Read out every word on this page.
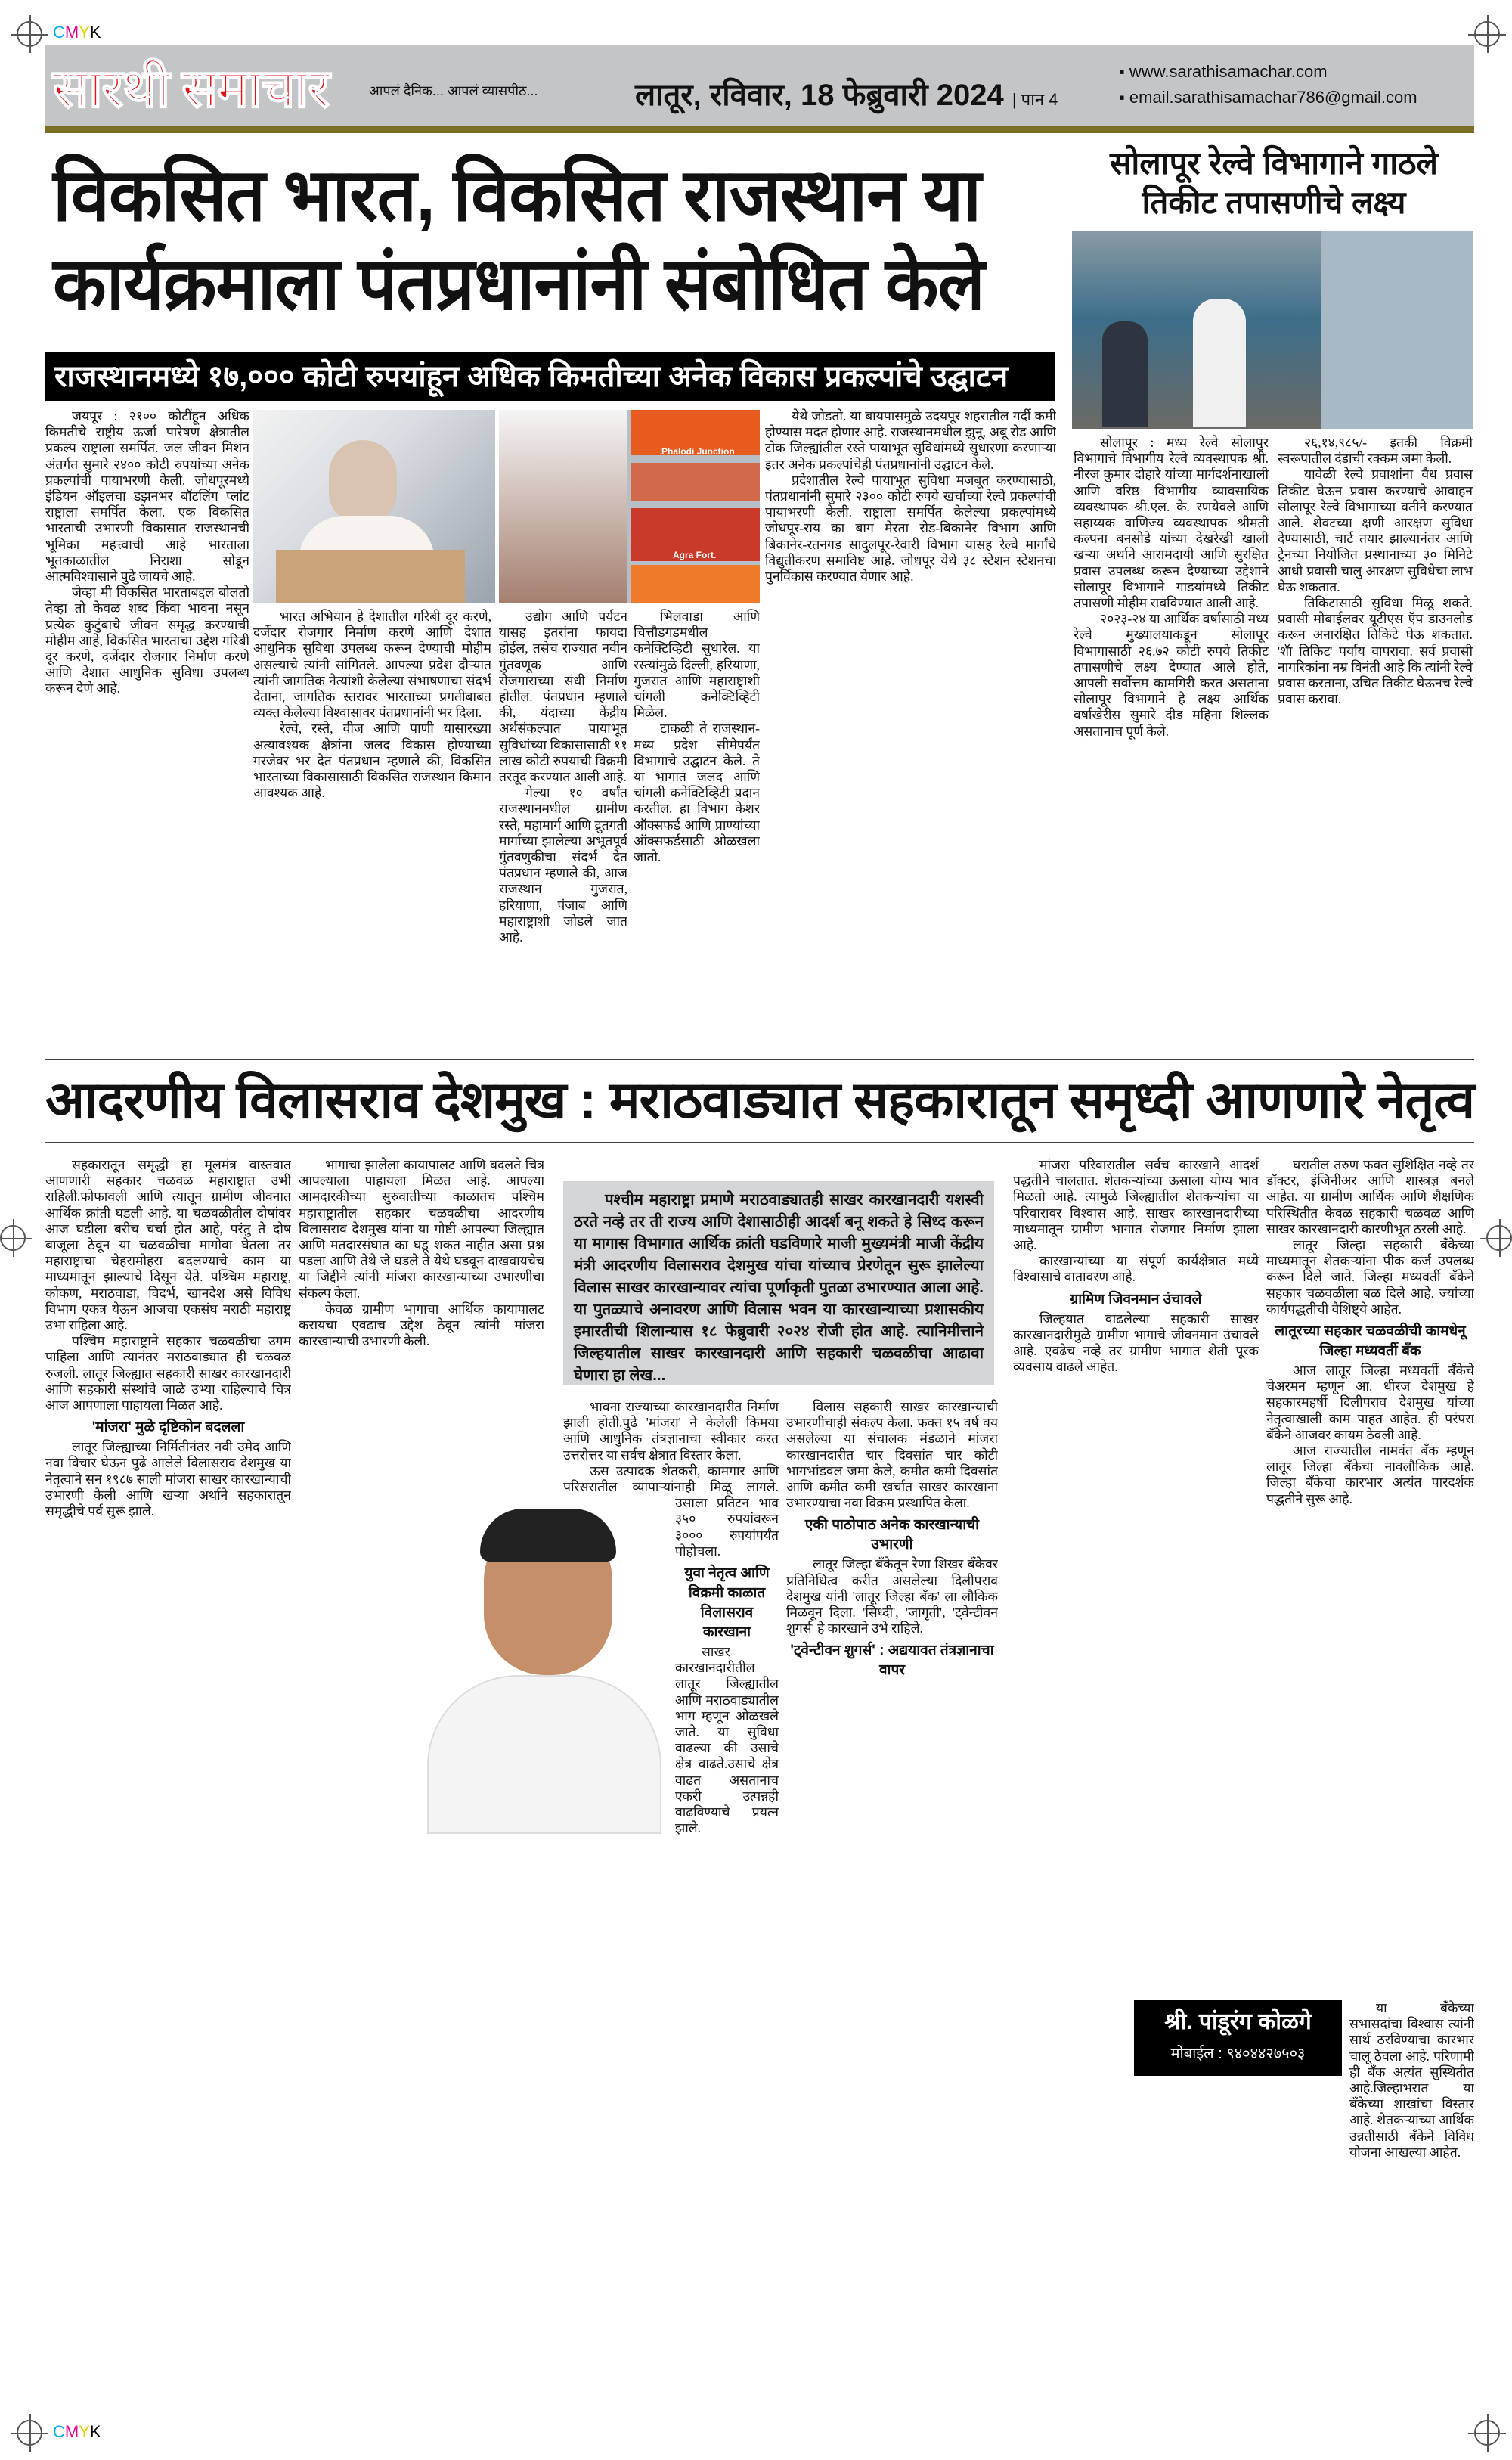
CMYK
सारथी समाचार	आपलं दैनिक... आपलं व्यासपीठ...	लातूर, रविवार, 18 फेब्रुवारी 2024 | पान 4
▪ www.sarathisamachar.com
▪ email.sarathisamachar786@gmail.com
विकसित भारत, विकसित राजस्थान या
कार्यक्रमाला पंतप्रधानांनी संबोधित केले
राजस्थानमध्ये १७,००० कोटी रुपयांहून अधिक किमतीच्या अनेक विकास प्रकल्पांचे उद्घाटन

जयपूर : २१०० कोटींहून अधिक किमतीचे राष्ट्रीय ऊर्जा पारेषण क्षेत्रातील प्रकल्प राष्ट्राला समर्पित. जल जीवन मिशन अंतर्गत सुमारे २४०० कोटी रुपयांच्या अनेक प्रकल्पांची पायाभरणी केली. जोधपूरमध्ये इंडियन ऑइलचा डझनभर बॉटलिंग प्लांट राष्ट्राला समर्पित केला. एक विकसित भारताची उभारणी विकासात राजस्थानची भूमिका महत्त्वाची आहे भारताला भूतकाळातील निराशा सोडून आत्मविश्वासाने पुढे जायचे आहे.

जेव्हा मी विकसित भारताबद्दल बोलतो तेव्हा तो केवळ शब्द किंवा भावना नसून प्रत्येक कुटुंबाचे जीवन समृद्ध करण्याची मोहीम आहे, विकसित भारताचा उद्देश गरिबी दूर करणे, दर्जेदार रोजगार निर्माण करणे आणि देशात आधुनिक सुविधा उपलब्ध करून देणे आहे.

Phalodi Junction
Agra Fort.

भारत अभियान हे देशातील गरिबी दूर करणे, दर्जेदार रोजगार निर्माण करणे आणि देशात आधुनिक सुविधा उपलब्ध करून देण्याची मोहीम असल्याचे त्यांनी सांगितले. आपल्या प्रदेश दौऱ्यात त्यांनी जागतिक नेत्यांशी केलेल्या संभाषणाचा संदर्भ देताना, जागतिक स्तरावर भारताच्या प्रगतीबाबत व्यक्त केलेल्या विश्वासावर पंतप्रधानांनी भर दिला.

रेल्वे, रस्ते, वीज आणि पाणी यासारख्या अत्यावश्यक क्षेत्रांना जलद विकास होण्याच्या गरजेवर भर देत पंतप्रधान म्हणाले की, विकसित भारताच्या विकासासाठी विकसित राजस्थान किमान आवश्यक आहे.

उद्योग आणि पर्यटन यासह इतरांना फायदा होईल, तसेच राज्यात नवीन गुंतवणूक आणि रोजगाराच्या संधी निर्माण होतील. पंतप्रधान म्हणाले की, यंदाच्या केंद्रीय अर्थसंकल्पात पायाभूत सुविधांच्या विकासासाठी ११ लाख कोटी रुपयांची विक्रमी तरतूद करण्यात आली आहे.

गेल्या १० वर्षांत राजस्थानमधील ग्रामीण रस्ते, महामार्ग आणि द्रुतगती मार्गाच्या झालेल्या अभूतपूर्व गुंतवणुकीचा संदर्भ देत पंतप्रधान म्हणाले की, आज राजस्थान गुजरात, हरियाणा, पंजाब आणि महाराष्ट्राशी जोडले जात आहे.

भिलवाडा आणि चित्तौडगडमधील कनेक्टिव्हिटी सुधारेल. या रस्त्यांमुळे दिल्ली, हरियाणा, गुजरात आणि महाराष्ट्राशी चांगली कनेक्टिव्हिटी मिळेल.

टाकळी ते राजस्थान-मध्य प्रदेश सीमेपर्यंत विभागाचे उद्घाटन केले. ते या भागात जलद आणि चांगली कनेक्टिव्हिटी प्रदान करतील. हा विभाग केशर ऑक्सफर्ड आणि प्राण्यांच्या ऑक्सफर्डसाठी ओळखला जातो.

येथे जोडतो. या बायपासमुळे उदयपूर शहरातील गर्दी कमी होण्यास मदत होणार आहे. राजस्थानमधील झुनू, अबू रोड आणि टोक जिल्ह्यांतील रस्ते पायाभूत सुविधांमध्ये सुधारणा करणाऱ्या इतर अनेक प्रकल्पांचेही पंतप्रधानांनी उद्घाटन केले.

प्रदेशातील रेल्वे पायाभूत सुविधा मजबूत करण्यासाठी, पंतप्रधानांनी सुमारे २३०० कोटी रुपये खर्चाच्या रेल्वे प्रकल्पांची पायाभरणी केली. राष्ट्राला समर्पित केलेल्या प्रकल्पांमध्ये जोधपूर-राय का बाग मेरता रोड-बिकानेर विभाग आणि बिकानेर-रतनगड सादुलपूर-रेवारी विभाग यासह रेल्वे मार्गांचे विद्युतीकरण समाविष्ट आहे. जोधपूर येथे ३८ स्टेशन स्टेशनचा पुनर्विकास करण्यात येणार आहे.

सोलापूर रेल्वे विभागाने गाठले तिकीट तपासणीचे लक्ष्य

सोलापूर : मध्य रेल्वे सोलापुर विभागाचे विभागीय रेल्वे व्यवस्थापक श्री. नीरज कुमार दोहारे यांच्या मार्गदर्शनाखाली आणि वरिष्ठ विभागीय व्यावसायिक व्यवस्थापक श्री.एल. के. रणयेवले आणि सहाय्यक वाणिज्य व्यवस्थापक श्रीमती कल्पना बनसोडे यांच्या देखरेखी खाली खऱ्या अर्थाने आरामदायी आणि सुरक्षित प्रवास उपलब्ध करून देण्याच्या उद्देशाने सोलापूर विभागाने गाडयांमध्ये तिकीट तपासणी मोहीम राबविण्यात आली आहे.

२०२३-२४ या आर्थिक वर्षासाठी मध्य रेल्वे मुख्यालयाकडून सोलापूर विभागासाठी २६.७२ कोटी रुपये तिकीट तपासणीचे लक्ष्य देण्यात आले होते, आपली सर्वोत्तम कामगिरी करत असताना सोलापूर विभागाने हे लक्ष्य आर्थिक वर्षाखेरीस सुमारे दीड महिना शिल्लक असतानाच पूर्ण केले.

२६,१४,९८५/- इतकी विक्रमी स्वरूपातील दंडाची रक्कम जमा केली.

यावेळी रेल्वे प्रवाशांना वैध प्रवास तिकीट घेऊन प्रवास करण्याचे आवाहन सोलापूर रेल्वे विभागाच्या वतीने करण्यात आले. शेवटच्या क्षणी आरक्षण सुविधा देण्यासाठी, चार्ट तयार झाल्यानंतर आणि ट्रेनच्या नियोजित प्रस्थानाच्या ३० मिनिटे आधी प्रवासी चालु आरक्षण सुविधेचा लाभ घेऊ शकतात.

तिकिटासाठी सुविधा मिळू शकते. प्रवासी मोबाईलवर यूटीएस ऍप डाउनलोड करून अनारक्षित तिकिटे घेऊ शकतात. 'शॅा तिकिट' पर्याय वापरावा. सर्व प्रवासी नागरिकांना नम्र विनंती आहे कि त्यांनी रेल्वे प्रवास करताना, उचित तिकीट घेऊनच रेल्वे प्रवास करावा.

आदरणीय विलासराव देशमुख : मराठवाड्यात सहकारातून समृध्दी आणणारे नेतृत्व

सहकारातून समृद्धी हा मूलमंत्र वास्तवात आणणारी सहकार चळवळ महाराष्ट्रात उभी राहिली.फोफावली आणि त्यातून ग्रामीण जीवनात आर्थिक क्रांती घडली आहे. या चळवळीतील दोषांवर आज घडीला बरीच चर्चा होत आहे, परंतु ते दोष बाजूला ठेवून या चळवळीचा मागोवा घेतला तर महाराष्ट्राचा चेहरामोहरा बदलण्याचे काम या माध्यमातून झाल्याचे दिसून येते. पश्र्चिम महाराष्ट्र, कोकण, मराठवाडा, विदर्भ, खानदेश असे विविध विभाग एकत्र येऊन आजचा एकसंघ मराठी महाराष्ट्र उभा राहिला आहे.

पश्चिम महाराष्ट्राने सहकार चळवळीचा उगम पाहिला आणि त्यानंतर मराठवाड्यात ही चळवळ रुजली. लातूर जिल्ह्यात सहकारी साखर कारखानदारी आणि सहकारी संस्थांचे जाळे उभ्या राहिल्याचे चित्र आज आपणाला पाहायला मिळत आहे.

'मांजरा' मुळे दृष्टिकोन बदलला

लातूर जिल्ह्याच्या निर्मितीनंतर नवी उमेद आणि नवा विचार घेऊन पुढे आलेले विलासराव देशमुख या नेतृत्वाने सन १९८७ साली मांजरा साखर कारखान्याची उभारणी केली आणि खऱ्या अर्थाने सहकारातून समृद्धीचे पर्व सुरू झाले.

भागाचा झालेला कायापालट आणि बदलते चित्र आपल्याला पाहायला मिळत आहे. आपल्या आमदारकीच्या सुरुवातीच्या काळातच पश्चिम महाराष्ट्रातील सहकार चळवळीचा आदरणीय विलासराव देशमुख यांना या गोष्टी आपल्या जिल्ह्यात आणि मतदारसंघात का घडू शकत नाहीत असा प्रश्न पडला आणि तेथे जे घडले ते येथे घडवून दाखवायचेच या जिद्दीने त्यांनी मांजरा कारखान्याच्या उभारणीचा संकल्प केला.

केवळ ग्रामीण भागाचा आर्थिक कायापालट करायचा एवढाच उद्देश ठेवून त्यांनी मांजरा कारखान्याची उभारणी केली.

पश्चीम महाराष्ट्रा प्रमाणे मराठवाड्यातही साखर कारखानदारी यशस्वी ठरते नव्हे तर ती राज्य आणि देशासाठीही आदर्श बनू शकते हे सिध्द करून या मागास विभागात आर्थिक क्रांती घडविणारे माजी मुख्यमंत्री माजी केंद्रीय मंत्री आदरणीय विलासराव देशमुख यांचा यांच्याच प्रेरणेतून सुरू झालेल्या विलास साखर कारखान्यावर त्यांचा पूर्णाकृती पुतळा उभारण्यात आला आहे. या पुतळ्याचे अनावरण आणि विलास भवन या कारखान्याच्या प्रशासकीय इमारतीची शिलान्यास १८ फेब्रुवारी २०२४ रोजी होत आहे. त्यानिमीत्ताने जिल्हयातील साखर कारखानदारी आणि सहकारी चळवळीचा आढावा घेणारा हा लेख...

भावना राज्याच्या कारखानदारीत निर्माण झाली होती.पुढे 'मांजरा' ने केलेली किमया आणि आधुनिक तंत्रज्ञानाचा स्वीकार करत उत्तरोत्तर या सर्वच क्षेत्रात विस्तार केला.

ऊस उत्पादक शेतकरी, कामगार आणि परिसरातील व्यापाऱ्यांनाही मिळू लागले. उसाला प्रतिटन भाव ३५० रुपयांवरून ३००० रुपयांपर्यंत पोहोचला.

युवा नेतृत्व आणि विक्रमी काळात विलासराव कारखाना

साखर कारखानदारीतील लातूर जिल्ह्यातील आणि मराठवाड्यातील भाग म्हणून ओळखले जाते. या सुविधा वाढल्या की उसाचे क्षेत्र वाढते.उसाचे क्षेत्र वाढत असतानाच एकरी उत्पन्नही वाढविण्याचे प्रयत्न झाले.

विलास सहकारी साखर कारखान्याची उभारणीचाही संकल्प केला. फक्त १५ वर्ष वय असलेल्या या संचालक मंडळाने मांजरा कारखानदारीत चार दिवसांत चार कोटी भागभांडवल जमा केले, कमीत कमी दिवसांत आणि कमीत कमी खर्चात साखर कारखाना उभारण्याचा नवा विक्रम प्रस्थापित केला.

एकी पाठोपाठ अनेक कारखान्याची उभारणी

लातूर जिल्हा बँकेतून रेणा शिखर बँकेवर प्रतिनिधित्व करीत असलेल्या दिलीपराव देशमुख यांनी 'लातूर जिल्हा बँक' ला लौकिक मिळवून दिला. 'सिध्दी', 'जागृती', 'ट्वेन्टीवन शुगर्स' हे कारखाने उभे राहिले.

'ट्वेन्टीवन शुगर्स' : अद्ययावत तंत्रज्ञानाचा वापर

मांजरा परिवारातील सर्वच कारखाने आदर्श पद्धतीने चालतात. शेतकऱ्यांच्या ऊसाला योग्य भाव मिळतो आहे. त्यामुळे जिल्ह्यातील शेतकऱ्यांचा या परिवारावर विश्वास आहे. साखर कारखानदारीच्या माध्यमातून ग्रामीण भागात रोजगार निर्माण झाला आहे.

कारखान्यांच्या या संपूर्ण कार्यक्षेत्रात मध्ये विश्वासाचे वातावरण आहे.

ग्रामिण जिवनमान उंचावले

जिल्हयात वाढलेल्या सहकारी साखर कारखानदारीमुळे ग्रामीण भागाचे जीवनमान उंचावले आहे. एवढेच नव्हे तर ग्रामीण भागात शेती पूरक व्यवसाय वाढले आहेत.

घरातील तरुण फक्त सुशिक्षित नव्हे तर डॉक्टर, इंजिनीअर आणि शास्त्रज्ञ बनले आहेत. या ग्रामीण आर्थिक आणि शैक्षणिक परिस्थितीत केवळ सहकारी चळवळ आणि साखर कारखानदारी कारणीभूत ठरली आहे.

लातूर जिल्हा सहकारी बँकेच्या माध्यमातून शेतकऱ्यांना पीक कर्ज उपलब्ध करून दिले जाते. जिल्हा मध्यवर्ती बँकेने सहकार चळवळीला बळ दिले आहे. ज्यांच्या कार्यपद्धतीची वैशिष्ट्ये आहेत.

लातूरच्या सहकार चळवळीची कामधेनू जिल्हा मध्यवर्ती बँक

आज लातूर जिल्हा मध्यवर्ती बँकेचे चेअरमन म्हणून आ. धीरज देशमुख हे सहकारमहर्षी दिलीपराव देशमुख यांच्या नेतृत्वाखाली काम पाहत आहेत. ही परंपरा बँकेने आजवर कायम ठेवली आहे.

आज राज्यातील नामवंत बँक म्हणून लातूर जिल्हा बँकेचा नावलौकिक आहे. जिल्हा बँकेचा कारभार अत्यंत पारदर्शक पद्धतीने सुरू आहे.

श्री. पांडूरंग कोळगे
मोबाईल : ९४०४४२७५०३

या बँकेच्या सभासदांचा विश्वास त्यांनी सार्थ ठरविण्याचा कारभार चालू ठेवला आहे. परिणामी ही बँक अत्यंत सुस्थितीत आहे.जिल्हाभरात या बँकेच्या शाखांचा विस्तार आहे. शेतकऱ्यांच्या आर्थिक उन्नतीसाठी बँकेने विविध योजना आखल्या आहेत.

CMYK
